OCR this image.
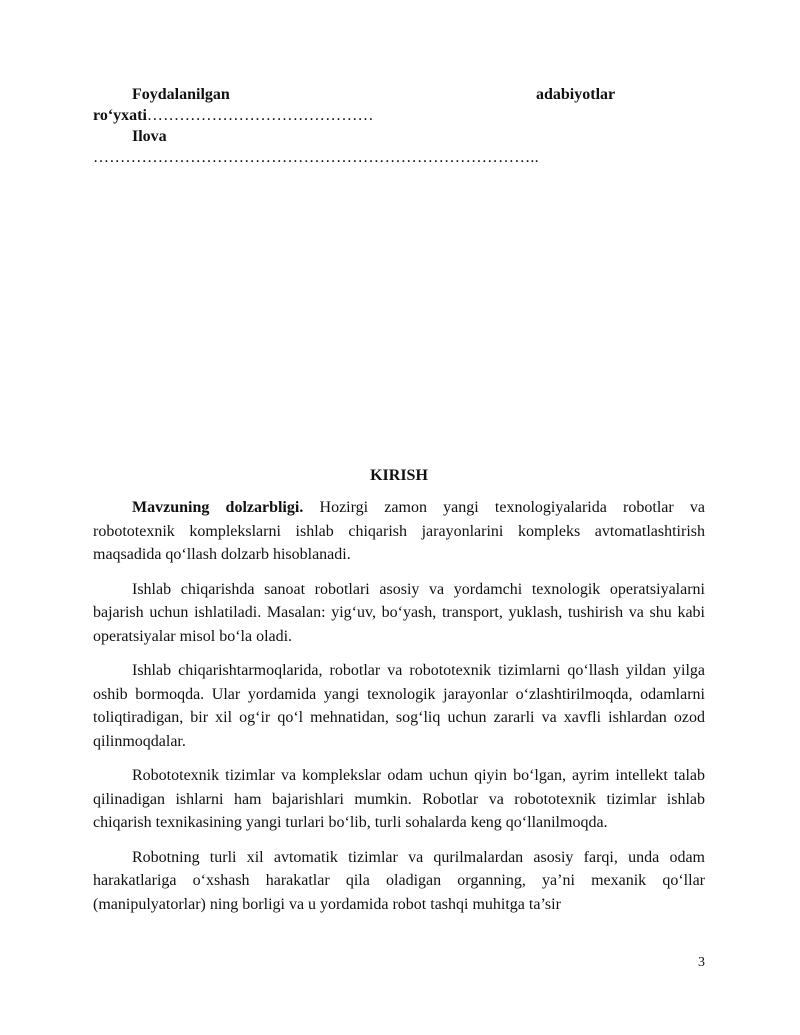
Foydalanilgan	adabiyotlar
ro‘yxati……………………………………
Ilova
………………………………………………………………………..
KIRISH

Mavzuning dolzarbligi. Hozirgi zamon yangi texnologiyalarida robotlar va robototexnik komplekslarni ishlab chiqarish jarayonlarini kompleks avtomatlashtirish maqsadida qo‘llash dolzarb hisoblanadi.

Ishlab chiqarishda sanoat robotlari asosiy va yordamchi texnologik operatsiyalarni bajarish uchun ishlatiladi. Masalan: yig‘uv, bo‘yash, transport, yuklash, tushirish va shu kabi operatsiyalar misol bo‘la oladi.

Ishlab chiqarishtarmoqlarida, robotlar va robototexnik tizimlarni qo‘llash yildan yilga oshib bormoqda. Ular yordamida yangi texnologik jarayonlar o‘zlashtirilmoqda, odamlarni toliqtiradigan, bir xil og‘ir qo‘l mehnatidan, sog‘liq uchun zararli va xavfli ishlardan ozod qilinmoqdalar.

Robototexnik tizimlar va komplekslar odam uchun qiyin bo‘lgan, ayrim intellekt talab qilinadigan ishlarni ham bajarishlari mumkin. Robotlar va robototexnik tizimlar ishlab chiqarish texnikasining yangi turlari bo‘lib, turli sohalarda keng qo‘llanilmoqda.

Robotning turli xil avtomatik tizimlar va qurilmalardan asosiy farqi, unda odam harakatlariga o‘xshash harakatlar qila oladigan organning, ya’ni mexanik qo‘llar (manipulyatorlar) ning borligi va u yordamida robot tashqi muhitga ta’sir

3
